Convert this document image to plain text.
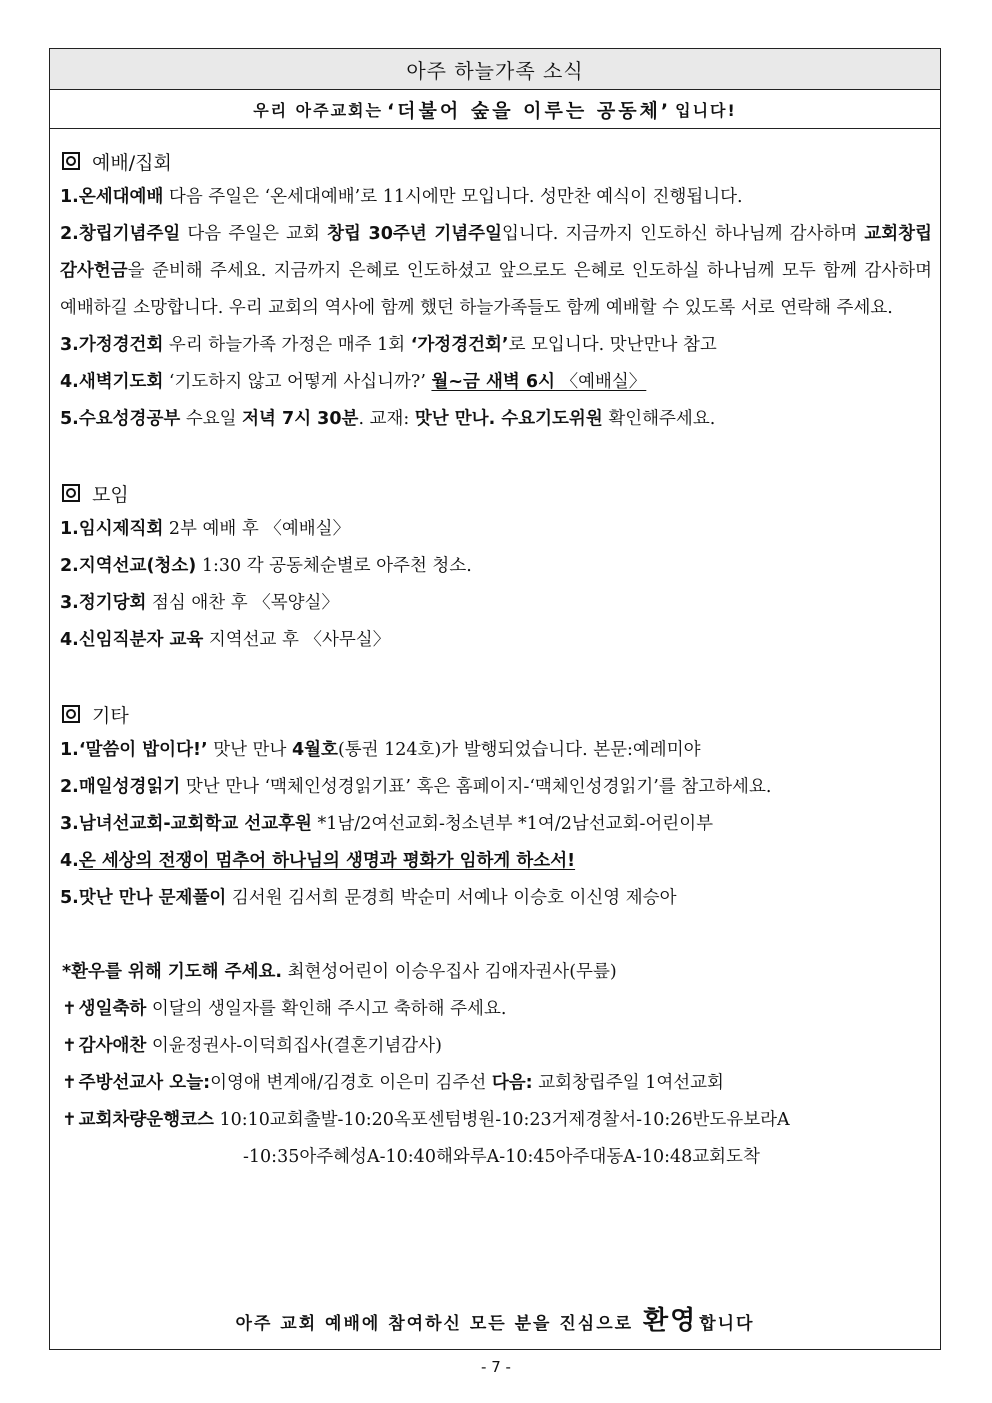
아주 하늘가족 소식
우리 아주교회는 ‘더불어 숲을 이루는 공동체’ 입니다!
예배/집회
1.온세대예배 다음 주일은 ‘온세대예배’로 11시에만 모입니다. 성만찬 예식이 진행됩니다.
2.창립기념주일 다음 주일은 교회 창립 30주년 기념주일입니다. 지금까지 인도하신 하나님께 감사하며 교회창립 감사헌금을 준비해 주세요. 지금까지 은혜로 인도하셨고 앞으로도 은혜로 인도하실 하나님께 모두 함께 감사하며 예배하길 소망합니다. 우리 교회의 역사에 함께 했던 하늘가족들도 함께 예배할 수 있도록 서로 연락해 주세요.
3.가정경건회 우리 하늘가족 가정은 매주 1회 ‘가정경건회’로 모입니다. 맛난만나 참고
4.새벽기도회 ‘기도하지 않고 어떻게 사십니까?’ 월~금 새벽 6시 〈예배실〉
5.수요성경공부 수요일 저녁 7시 30분. 교재: 맛난 만나. 수요기도위원 확인해주세요.
모임
1.임시제직회 2부 예배 후 〈예배실〉
2.지역선교(청소) 1:30 각 공동체순별로 아주천 청소.
3.정기당회 점심 애찬 후 〈목양실〉
4.신임직분자 교육 지역선교 후 〈사무실〉
기타
1.‘말씀이 밥이다!’ 맛난 만나 4월호(통권 124호)가 발행되었습니다. 본문:예레미야
2.매일성경읽기 맛난 만나 ‘맥체인성경읽기표’ 혹은 홈페이지-‘맥체인성경읽기’를 참고하세요.
3.남녀선교회-교회학교 선교후원 *1남/2여선교회-청소년부 *1여/2남선교회-어린이부
4.온 세상의 전쟁이 멈추어 하나님의 생명과 평화가 임하게 하소서!
5.맛난 만나 문제풀이 김서원 김서희 문경희 박순미 서예나 이승호 이신영 제승아
*환우를 위해 기도해 주세요. 최현성어린이 이승우집사 김애자권사(무릎)
✝ 생일축하 이달의 생일자를 확인해 주시고 축하해 주세요.
✝ 감사애찬 이윤정권사-이덕희집사(결혼기념감사)
✝ 주방선교사 오늘:이영애 변계애/김경호 이은미 김주선 다음: 교회창립주일 1여선교회
✝ 교회차량운행코스 10:10교회출발-10:20옥포센텀병원-10:23거제경찰서-10:26반도유보라A
-10:35아주혜성A-10:40해와루A-10:45아주대동A-10:48교회도착
아주 교회 예배에 참여하신 모든 분을 진심으로 환영 합니다
- 7 -
